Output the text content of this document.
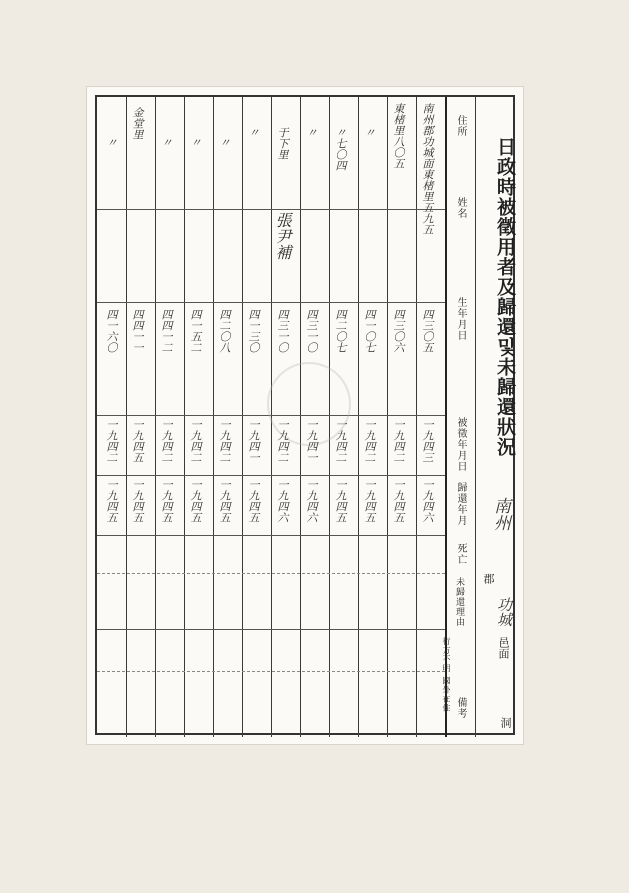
日政時被徵用者及歸還및未歸還狀況
南州
郡
功城
邑面
洞
住所
姓名
生年月日
被徵年月日
歸還年月
死亡
未歸還理由
備考
南州郡功城面東楮里五九五
四三〇五
一九四三
一九四六
東楮里八〇五
四三〇六
一九四二
一九四五
〃
四一〇七
一九四二
一九四五
〃七〇四
四二〇七
一九四二
一九四五
〃
四三一〇
一九四一
一九四六
于下里
張尹補
四三一〇
一九四二
一九四六
〃
四一三〇
一九四一
一九四五
〃
四二〇八
一九四二
一九四五
〃
四一五二
一九四二
一九四五
〃
四四一二
一九四二
一九四五
金堂里
四四一一
一九四五
一九四五
〃
四一六〇
一九四二
一九四五
